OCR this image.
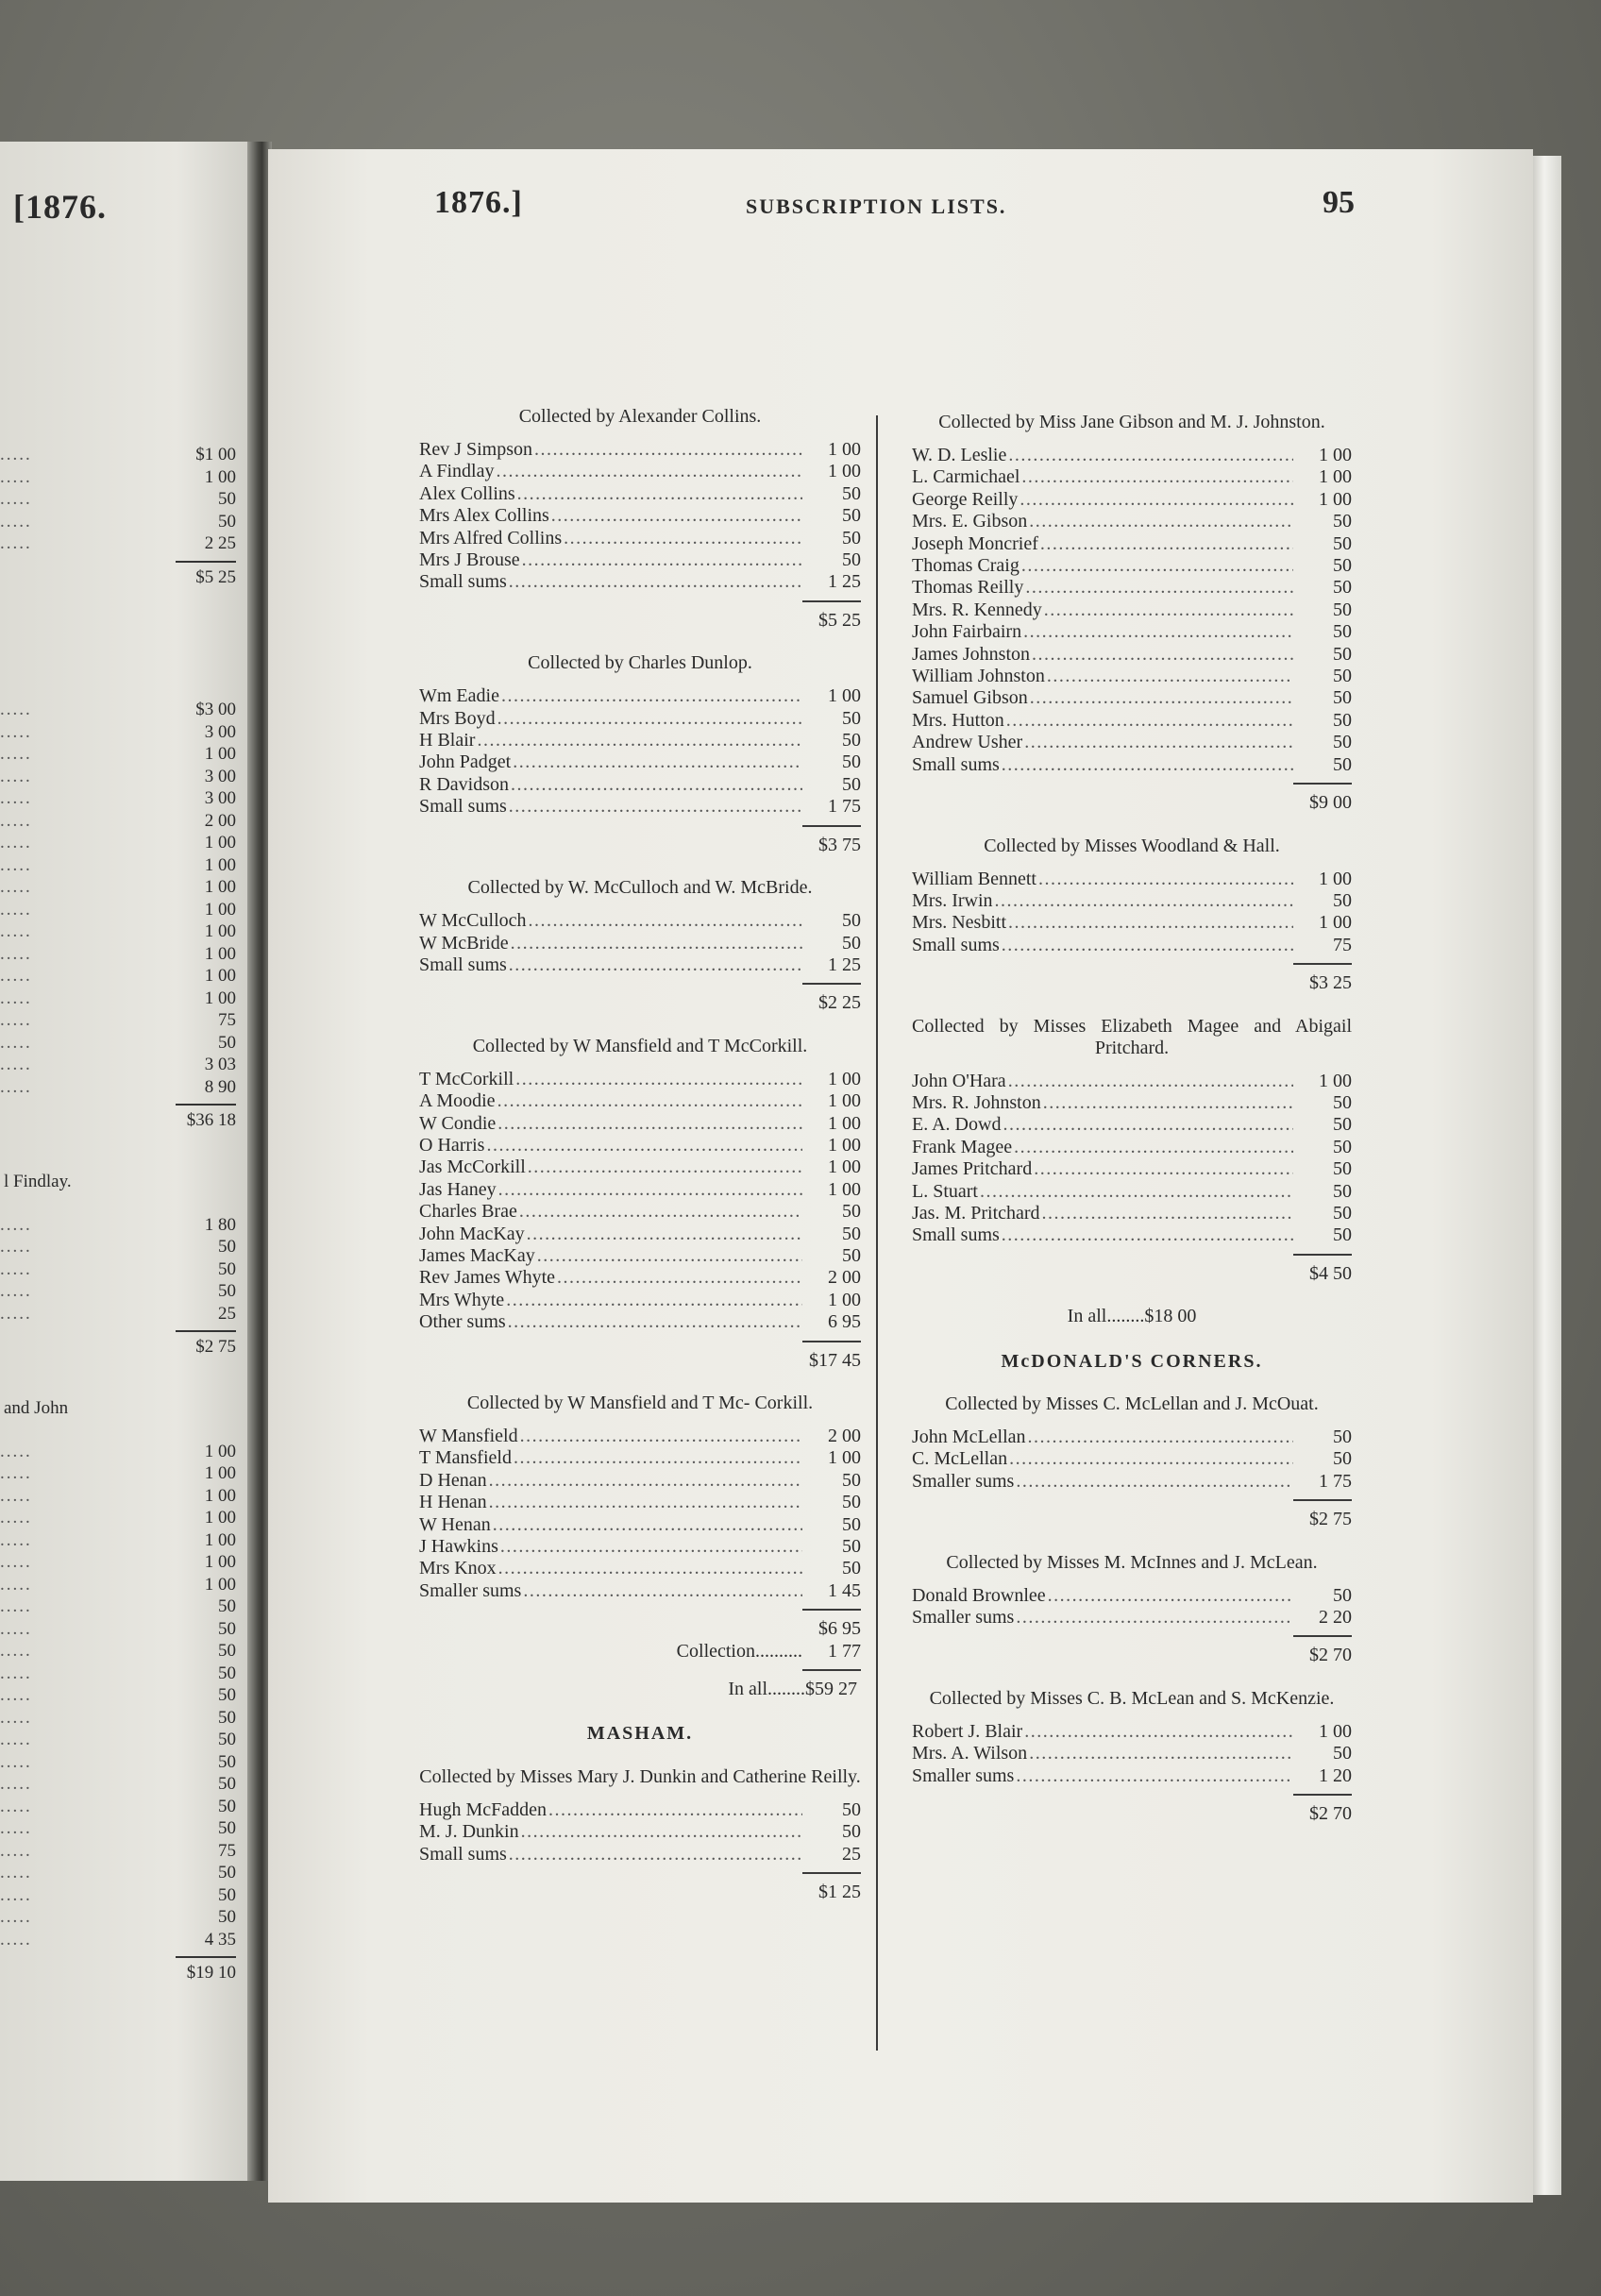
[1876.
.....	$1 00
.....	1 00
.....	50
.....	50
.....	2 25
$5 25
.....	$3 00
.....	3 00
.....	1 00
.....	3 00
.....	3 00
.....	2 00
.....	1 00
.....	1 00
.....	1 00
.....	1 00
.....	1 00
.....	1 00
.....	1 00
.....	1 00
.....	75
.....	50
.....	3 03
.....	8 90
$36 18
l Findlay.
.....	1 80
.....	50
.....	50
.....	50
.....	25
$2 75
and John
.....	1 00
.....	1 00
.....	1 00
.....	1 00
.....	1 00
.....	1 00
.....	1 00
.....	50
.....	50
.....	50
.....	50
.....	50
.....	50
.....	50
.....	50
.....	50
.....	50
.....	50
.....	75
.....	50
.....	50
.....	50
.....	4 35
$19 10
1876.]	SUBSCRIPTION LISTS.	95
Collected by Alexander Collins.
Rev J Simpson .....	1 00
A Findlay .....	1 00
Alex Collins .....	50
Mrs Alex Collins .....	50
Mrs Alfred Collins .....	50
Mrs J Brouse .....	50
Small sums .....	1 25
$5 25
Collected by Charles Dunlop.
Wm Eadie .....	1 00
Mrs Boyd .....	50
H Blair .....	50
John Padget .....	50
R Davidson .....	50
Small sums .....	1 75
$3 75
Collected by W. McCulloch and W. McBride.
W McCulloch .....	50
W McBride .....	50
Small sums .....	1 25
$2 25
Collected by W Mansfield and T McCorkill.
T McCorkill .....	1 00
A Moodie .....	1 00
W Condie .....	1 00
O Harris .....	1 00
Jas McCorkill .....	1 00
Jas Haney .....	1 00
Charles Brae .....	50
John MacKay .....	50
James MacKay .....	50
Rev James Whyte .....	2 00
Mrs Whyte .....	1 00
Other sums .....	6 95
$17 45
Collected by W Mansfield and T Mc- Corkill.
W Mansfield .....	2 00
T Mansfield .....	1 00
D Henan .....	50
H Henan .....	50
W Henan .....	50
J Hawkins .....	50
Mrs Knox .....	50
Smaller sums .....	1 45
$6 95
Collection ..........	1 77
In all........$59 27
MASHAM.
Collected by Misses Mary J. Dunkin and Catherine Reilly.
Hugh McFadden .....	50
M. J. Dunkin .....	50
Small sums .....	25
$1 25
Collected by Miss Jane Gibson and M. J. Johnston.
W. D. Leslie .....	1 00
L. Carmichael .....	1 00
George Reilly .....	1 00
Mrs. E. Gibson .....	50
Joseph Moncrief .....	50
Thomas Craig .....	50
Thomas Reilly .....	50
Mrs. R. Kennedy .....	50
John Fairbairn .....	50
James Johnston .....	50
William Johnston .....	50
Samuel Gibson .....	50
Mrs. Hutton .....	50
Andrew Usher .....	50
Small sums .....	50
$9 00
Collected by Misses Woodland & Hall.
William Bennett .....	1 00
Mrs. Irwin .....	50
Mrs. Nesbitt .....	1 00
Small sums .....	75
$3 25
Collected by Misses Elizabeth Magee and Abigail Pritchard.
John O'Hara .....	1 00
Mrs. R. Johnston .....	50
E. A. Dowd .....	50
Frank Magee .....	50
James Pritchard .....	50
L. Stuart .....	50
Jas. M. Pritchard .....	50
Small sums .....	50
$4 50
In all........$18 00
McDONALD'S CORNERS.
Collected by Misses C. McLellan and J. McOuat.
John McLellan .....	50
C. McLellan .....	50
Smaller sums .....	1 75
$2 75
Collected by Misses M. McInnes and J. McLean.
Donald Brownlee .....	50
Smaller sums .....	2 20
$2 70
Collected by Misses C. B. McLean and S. McKenzie.
Robert J. Blair .....	1 00
Mrs. A. Wilson .....	50
Smaller sums .....	1 20
$2 70
